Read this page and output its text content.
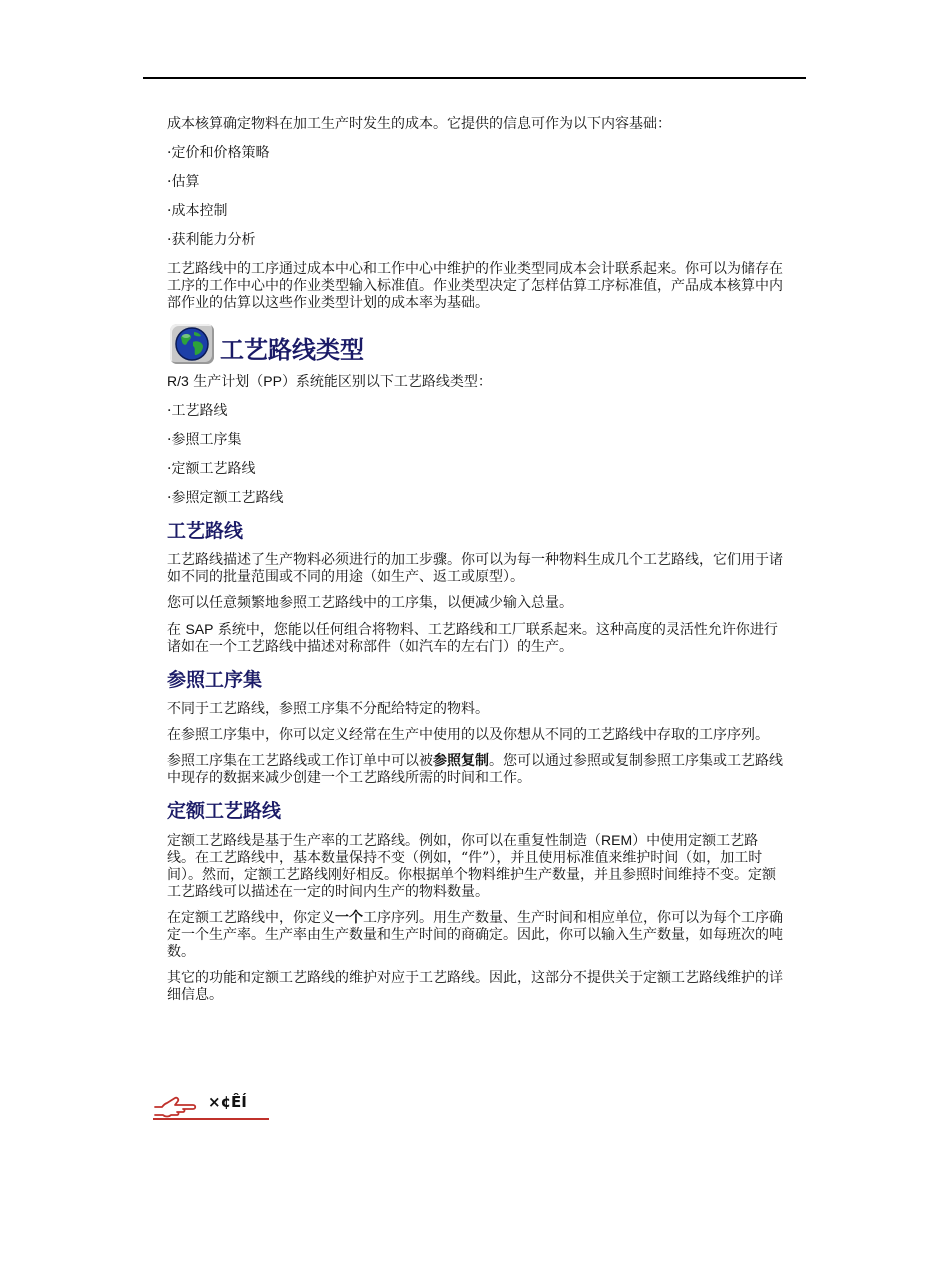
成本核算确定物料在加工生产时发生的成本。它提供的信息可作为以下内容基础：

·定价和价格策略

·估算

·成本控制

·获利能力分析

工艺路线中的工序通过成本中心和工作中心中维护的作业类型同成本会计联系起来。你可以为储存在工序的工作中心中的作业类型输入标准值。作业类型决定了怎样估算工序标准值，产品成本核算中内部作业的估算以这些作业类型计划的成本率为基础。

工艺路线类型

R/3 生产计划（PP）系统能区别以下工艺路线类型：

·工艺路线

·参照工序集

·定额工艺路线

·参照定额工艺路线

工艺路线

工艺路线描述了生产物料必须进行的加工步骤。你可以为每一种物料生成几个工艺路线，它们用于诸如不同的批量范围或不同的用途（如生产、返工或原型）。

您可以任意频繁地参照工艺路线中的工序集，以便减少输入总量。

在 SAP 系统中，您能以任何组合将物料、工艺路线和工厂联系起来。这种高度的灵活性允许你进行诸如在一个工艺路线中描述对称部件（如汽车的左右门）的生产。

参照工序集

不同于工艺路线，参照工序集不分配给特定的物料。

在参照工序集中，你可以定义经常在生产中使用的以及你想从不同的工艺路线中存取的工序序列。

参照工序集在工艺路线或工作订单中可以被参照复制。您可以通过参照或复制参照工序集或工艺路线中现存的数据来减少创建一个工艺路线所需的时间和工作。

定额工艺路线

定额工艺路线是基于生产率的工艺路线。例如，你可以在重复性制造（REM）中使用定额工艺路线。在工艺路线中，基本数量保持不变（例如，“件”），并且使用标准值来维护时间（如，加工时间）。然而，定额工艺路线刚好相反。你根据单个物料维护生产数量，并且参照时间维持不变。定额工艺路线可以描述在一定的时间内生产的物料数量。

在定额工艺路线中，你定义一个工序序列。用生产数量、生产时间和相应单位，你可以为每个工序确定一个生产率。生产率由生产数量和生产时间的商确定。因此，你可以输入生产数量，如每班次的吨数。

其它的功能和定额工艺路线的维护对应于工艺路线。因此，这部分不提供关于定额工艺路线维护的详细信息。

×¢ÊÍ
